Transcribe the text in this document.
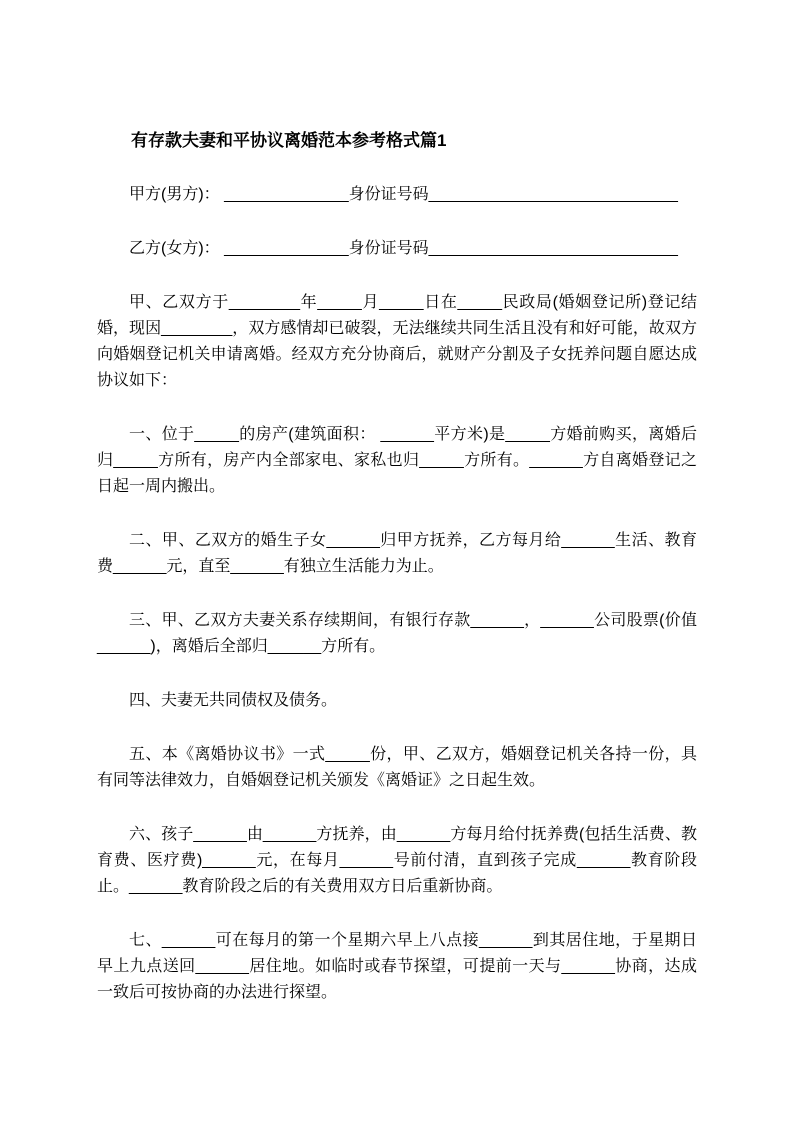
有存款夫妻和平协议离婚范本参考格式篇1

甲方(男方)： ______________身份证号码____________________________

乙方(女方)： ______________身份证号码____________________________

甲、乙双方于________年_____月_____日在_____民政局(婚姻登记所)登记结婚，现因________，双方感情却已破裂，无法继续共同生活且没有和好可能，故双方向婚姻登记机关申请离婚。经双方充分协商后，就财产分割及子女抚养问题自愿达成协议如下：

一、位于_____的房产(建筑面积： ______平方米)是_____方婚前购买，离婚后归_____方所有，房产内全部家电、家私也归_____方所有。______方自离婚登记之日起一周内搬出。

二、甲、乙双方的婚生子女______归甲方抚养，乙方每月给______生活、教育费______元，直至______有独立生活能力为止。

三、甲、乙双方夫妻关系存续期间，有银行存款______，______公司股票(价值______)，离婚后全部归______方所有。

四、夫妻无共同债权及债务。

五、本《离婚协议书》一式_____份，甲、乙双方，婚姻登记机关各持一份，具有同等法律效力，自婚姻登记机关颁发《离婚证》之日起生效。

六、孩子______由______方抚养，由______方每月给付抚养费(包括生活费、教育费、医疗费)______元，在每月______号前付清，直到孩子完成______教育阶段止。______教育阶段之后的有关费用双方日后重新协商。

七、______可在每月的第一个星期六早上八点接______到其居住地，于星期日早上九点送回______居住地。如临时或春节探望，可提前一天与______协商，达成一致后可按协商的办法进行探望。
